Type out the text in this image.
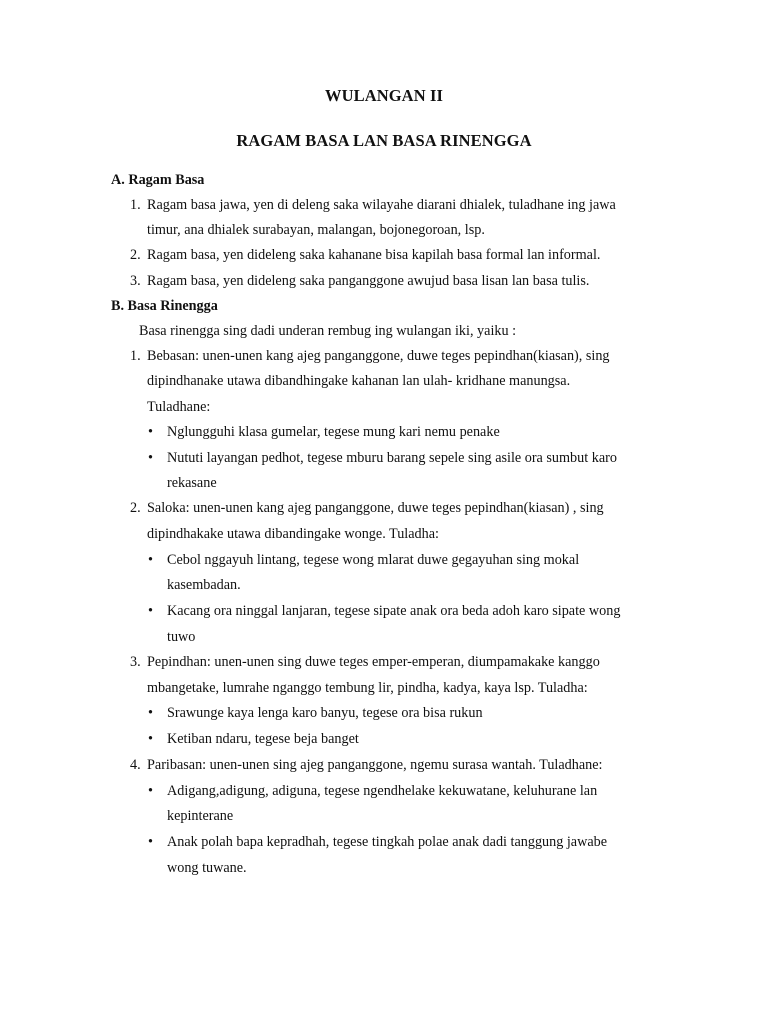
WULANGAN II
RAGAM BASA LAN BASA RINENGGA
A. Ragam Basa
1. Ragam basa jawa, yen di deleng saka wilayahe diarani dhialek, tuladhane ing jawa
timur, ana dhialek surabayan, malangan, bojonegoroan, lsp.
2. Ragam basa, yen dideleng saka kahanane bisa kapilah basa formal lan informal.
3. Ragam basa, yen dideleng saka panganggone awujud basa lisan lan basa tulis.
B. Basa Rinengga
Basa rinengga sing dadi underan rembug ing wulangan iki, yaiku :
1. Bebasan: unen-unen kang ajeg panganggone, duwe teges pepindhan(kiasan), sing
dipindhanake utawa dibandhingake kahanan lan ulah- kridhane manungsa.
Tuladhane:
• Nglungguhi klasa gumelar, tegese mung kari nemu penake
• Nututi layangan pedhot, tegese mburu barang sepele sing asile ora sumbut karo
rekasane
2. Saloka: unen-unen kang ajeg panganggone, duwe teges pepindhan(kiasan) , sing
dipindhakake utawa dibandingake wonge. Tuladha:
• Cebol nggayuh lintang, tegese wong mlarat duwe gegayuhan sing mokal
kasembadan.
• Kacang ora ninggal lanjaran, tegese sipate anak ora beda adoh karo sipate wong
tuwo
3. Pepindhan: unen-unen sing duwe teges emper-emperan, diumpamakake kanggo
mbangetake, lumrahe nganggo tembung lir, pindha, kadya, kaya lsp. Tuladha:
• Srawunge kaya lenga karo banyu, tegese ora bisa rukun
• Ketiban ndaru, tegese beja banget
4. Paribasan: unen-unen sing ajeg panganggone, ngemu surasa wantah. Tuladhane:
• Adigang,adigung, adiguna, tegese ngendhelake kekuwatane, keluhurane lan
kepinterane
• Anak polah bapa kepradhah, tegese tingkah polae anak dadi tanggung jawabe
wong tuwane.
